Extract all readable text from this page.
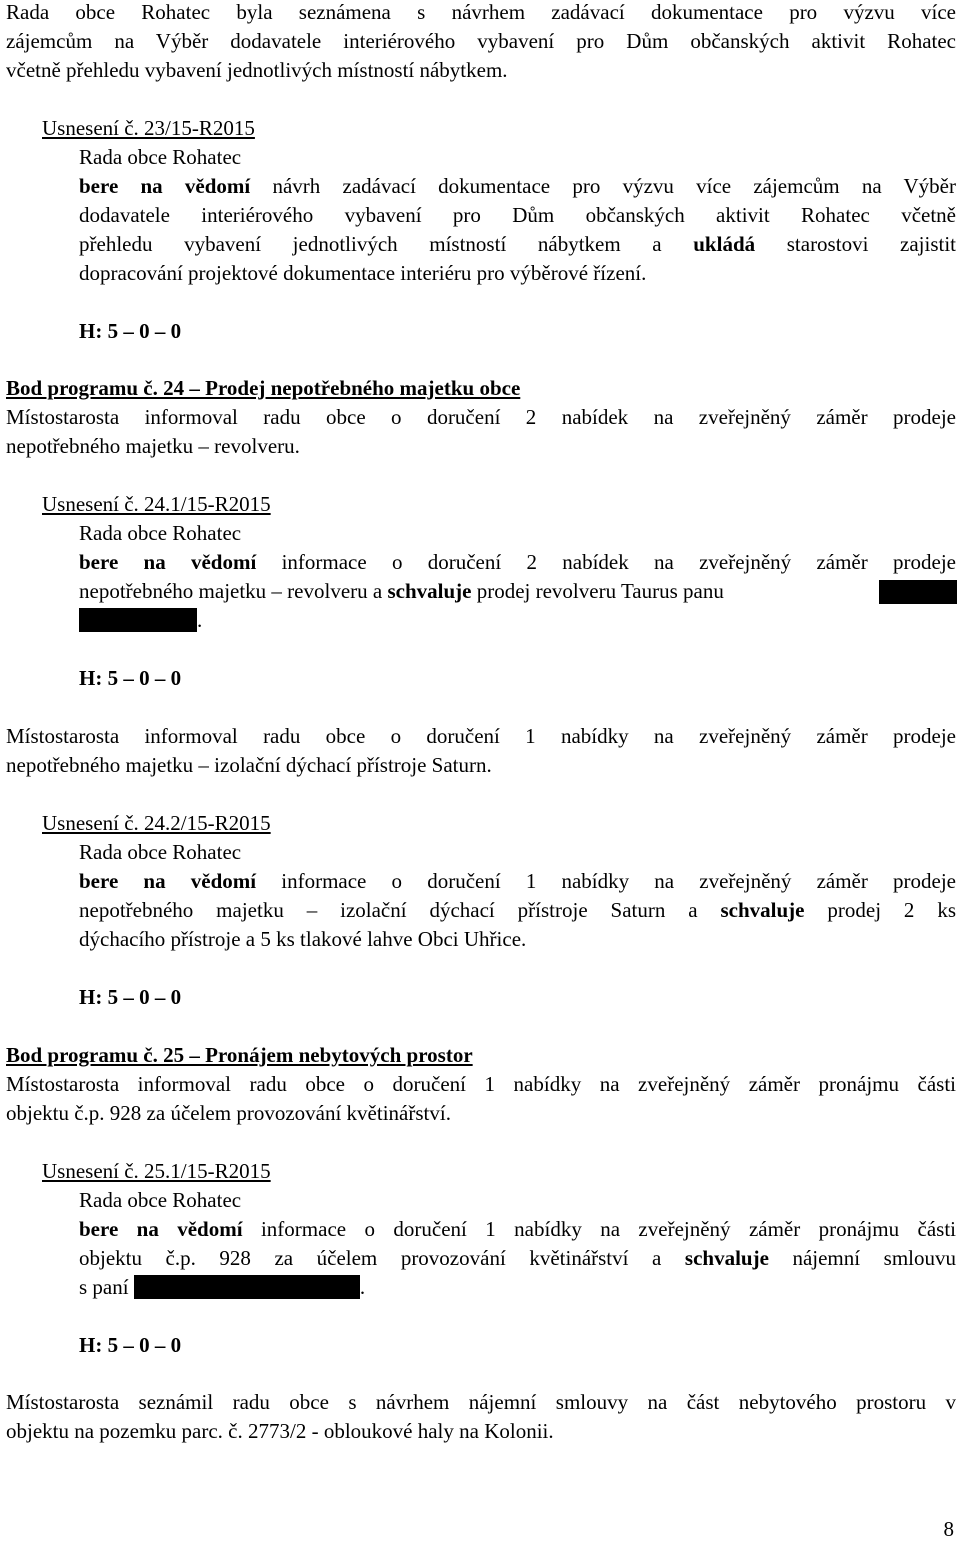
Rada obce Rohatec byla seznámena s návrhem zadávací dokumentace pro výzvu více
zájemcům na Výběr dodavatele interiérového vybavení pro Dům občanských aktivit Rohatec
včetně přehledu vybavení jednotlivých místností nábytkem.
Usnesení č. 23/15-R2015
Rada obce Rohatec
bere na vědomí návrh zadávací dokumentace pro výzvu více zájemcům na Výběr
dodavatele interiérového vybavení pro Dům občanských aktivit Rohatec včetně
přehledu vybavení jednotlivých místností nábytkem a ukládá starostovi zajistit
dopracování projektové dokumentace interiéru pro výběrové řízení.
H: 5 – 0 – 0
Bod programu č. 24 – Prodej nepotřebného majetku obce
Místostarosta informoval radu obce o doručení 2 nabídek na zveřejněný záměr prodeje
nepotřebného majetku – revolveru.
Usnesení č. 24.1/15-R2015
Rada obce Rohatec
bere na vědomí informace o doručení 2 nabídek na zveřejněný záměr prodeje
nepotřebného majetku – revolveru a schvaluje prodej revolveru Taurus panu
.
H: 5 – 0 – 0
Místostarosta informoval radu obce o doručení 1 nabídky na zveřejněný záměr prodeje
nepotřebného majetku – izolační dýchací přístroje Saturn.
Usnesení č. 24.2/15-R2015
Rada obce Rohatec
bere na vědomí informace o doručení 1 nabídky na zveřejněný záměr prodeje
nepotřebného majetku – izolační dýchací přístroje Saturn a schvaluje prodej 2 ks
dýchacího přístroje a 5 ks tlakové lahve Obci Uhřice.
H: 5 – 0 – 0
Bod programu č. 25 – Pronájem nebytových prostor
Místostarosta informoval radu obce o doručení 1 nabídky na zveřejněný záměr pronájmu části
objektu č.p. 928 za účelem provozování květinářství.
Usnesení č. 25.1/15-R2015
Rada obce Rohatec
bere na vědomí informace o doručení 1 nabídky na zveřejněný záměr pronájmu části
objektu č.p. 928 za účelem provozování květinářství a schvaluje nájemní smlouvu
s paní	.
H: 5 – 0 – 0
Místostarosta seznámil radu obce s návrhem nájemní smlouvy na část nebytového prostoru v
objektu na pozemku parc. č. 2773/2 - obloukové haly na Kolonii.
8
